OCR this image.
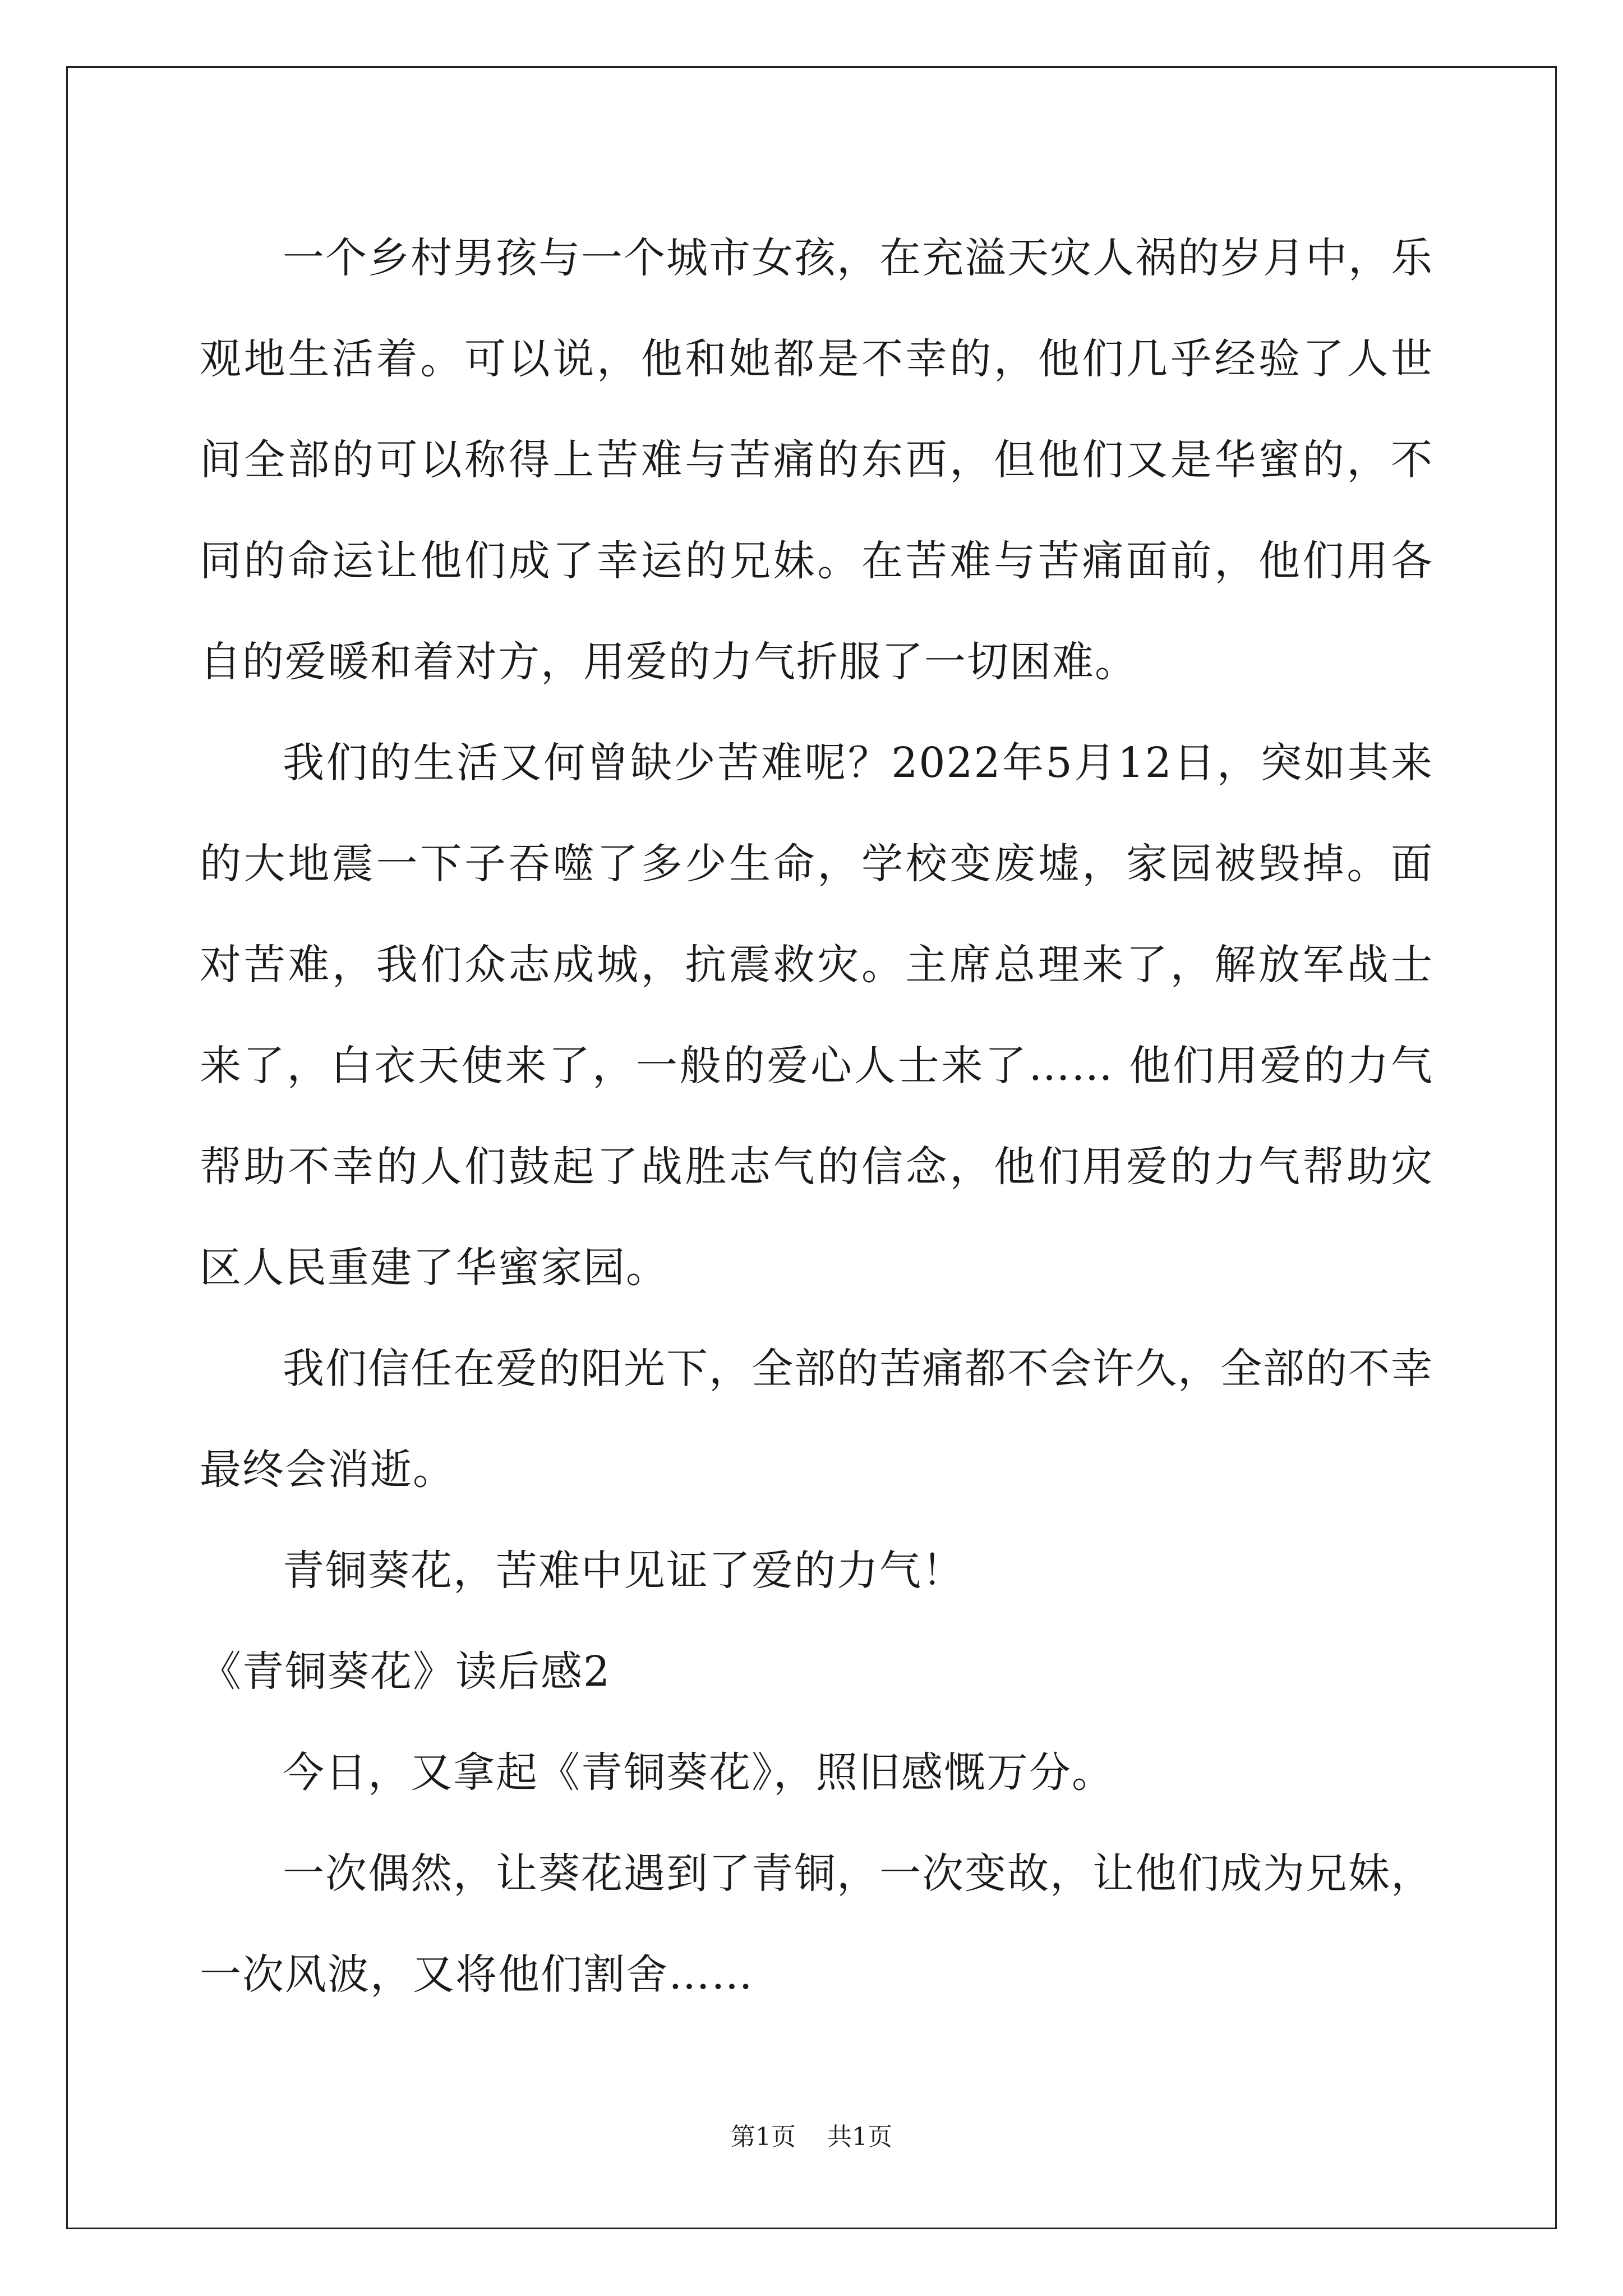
一个乡村男孩与一个城市女孩，在充溢天灾人祸的岁月中，乐观地生活着。可以说，他和她都是不幸的，他们几乎经验了人世间全部的可以称得上苦难与苦痛的东西，但他们又是华蜜的，不同的命运让他们成了幸运的兄妹。在苦难与苦痛面前，他们用各自的爱暖和着对方，用爱的力气折服了一切困难。

我们的生活又何曾缺少苦难呢？2022年5月12日，突如其来的大地震一下子吞噬了多少生命，学校变废墟，家园被毁掉。面对苦难，我们众志成城，抗震救灾。主席总理来了，解放军战士来了，白衣天使来了，一般的爱心人士来了…… 他们用爱的力气帮助不幸的人们鼓起了战胜志气的信念，他们用爱的力气帮助灾区人民重建了华蜜家园。

我们信任在爱的阳光下，全部的苦痛都不会许久，全部的不幸最终会消逝。

青铜葵花，苦难中见证了爱的力气！

《青铜葵花》读后感2

今日，又拿起《青铜葵花》，照旧感慨万分。

一次偶然，让葵花遇到了青铜，一次变故，让他们成为兄妹，一次风波，又将他们割舍……

第1页 共1页
